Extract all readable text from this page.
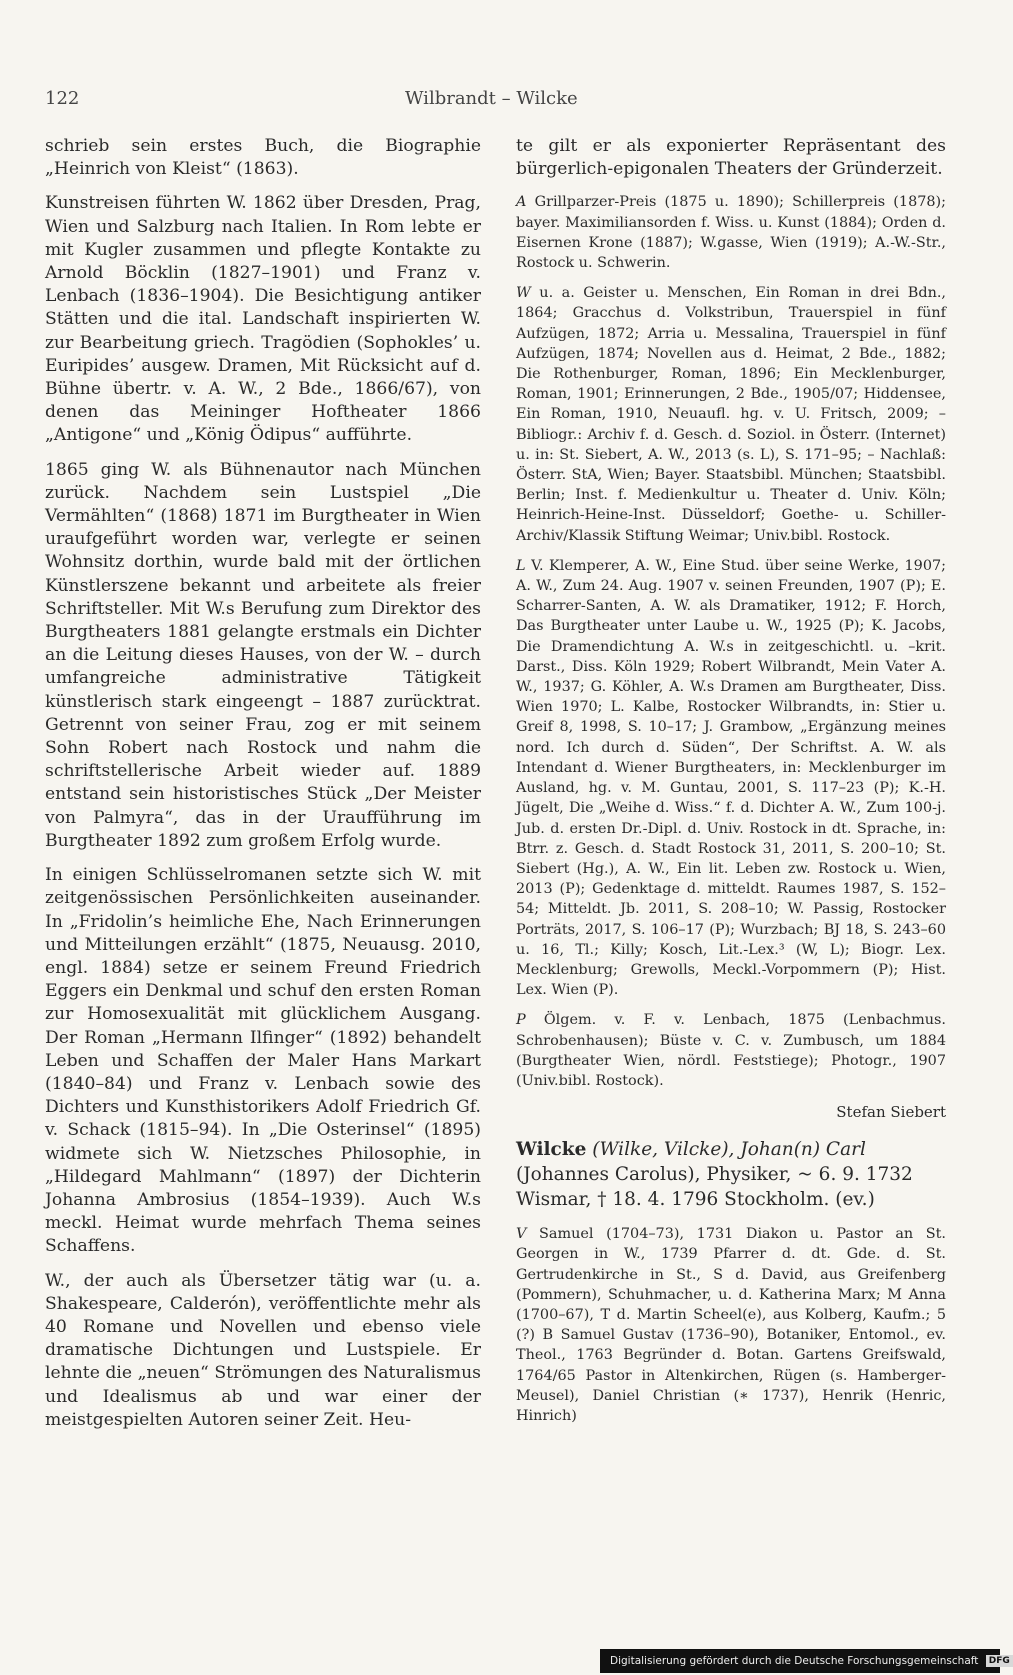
122	Wilbrandt – Wilcke

schrieb sein erstes Buch, die Biographie „Heinrich von Kleist“ (1863).

Kunstreisen führten W. 1862 über Dresden, Prag, Wien und Salzburg nach Italien. In Rom lebte er mit Kugler zusammen und pflegte Kontakte zu Arnold Böcklin (1827–1901) und Franz v. Lenbach (1836–1904). Die Besichtigung antiker Stätten und die ital. Landschaft inspirierten W. zur Bearbeitung griech. Tragödien (Sophokles’ u. Euripides’ ausgew. Dramen, Mit Rücksicht auf d. Bühne übertr. v. A. W., 2 Bde., 1866/67), von denen das Meininger Hoftheater 1866 „Antigone“ und „König Ödipus“ aufführte.

1865 ging W. als Bühnenautor nach München zurück. Nachdem sein Lustspiel „Die Vermählten“ (1868) 1871 im Burgtheater in Wien uraufgeführt worden war, verlegte er seinen Wohnsitz dorthin, wurde bald mit der örtlichen Künstlerszene bekannt und arbeitete als freier Schriftsteller. Mit W.s Berufung zum Direktor des Burgtheaters 1881 gelangte erstmals ein Dichter an die Leitung dieses Hauses, von der W. – durch umfangreiche administrative Tätigkeit künstlerisch stark eingeengt – 1887 zurücktrat. Getrennt von seiner Frau, zog er mit seinem Sohn Robert nach Rostock und nahm die schriftstellerische Arbeit wieder auf. 1889 entstand sein historistisches Stück „Der Meister von Palmyra“, das in der Uraufführung im Burgtheater 1892 zum großem Erfolg wurde.

In einigen Schlüsselromanen setzte sich W. mit zeitgenössischen Persönlichkeiten auseinander. In „Fridolin’s heimliche Ehe, Nach Erinnerungen und Mitteilungen erzählt“ (1875, Neuausg. 2010, engl. 1884) setze er seinem Freund Friedrich Eggers ein Denkmal und schuf den ersten Roman zur Homosexualität mit glücklichem Ausgang. Der Roman „Hermann Ilfinger“ (1892) behandelt Leben und Schaffen der Maler Hans Markart (1840–84) und Franz v. Lenbach sowie des Dichters und Kunsthistorikers Adolf Friedrich Gf. v. Schack (1815–94). In „Die Osterinsel“ (1895) widmete sich W. Nietzsches Philosophie, in „Hildegard Mahlmann“ (1897) der Dichterin Johanna Ambrosius (1854–1939). Auch W.s meckl. Heimat wurde mehrfach Thema seines Schaffens.

W., der auch als Übersetzer tätig war (u. a. Shakespeare, Calderón), veröffentlichte mehr als 40 Romane und Novellen und ebenso viele dramatische Dichtungen und Lustspiele. Er lehnte die „neuen“ Strömungen des Naturalismus und Idealismus ab und war einer der meistgespielten Autoren seiner Zeit. Heu-

te gilt er als exponierter Repräsentant des bürgerlich-epigonalen Theaters der Gründerzeit.

A Grillparzer-Preis (1875 u. 1890); Schillerpreis (1878); bayer. Maximiliansorden f. Wiss. u. Kunst (1884); Orden d. Eisernen Krone (1887); W.gasse, Wien (1919); A.-W.-Str., Rostock u. Schwerin.

W u. a. Geister u. Menschen, Ein Roman in drei Bdn., 1864; Gracchus d. Volkstribun, Trauerspiel in fünf Aufzügen, 1872; Arria u. Messalina, Trauerspiel in fünf Aufzügen, 1874; Novellen aus d. Heimat, 2 Bde., 1882; Die Rothenburger, Roman, 1896; Ein Mecklenburger, Roman, 1901; Erinnerungen, 2 Bde., 1905/07; Hiddensee, Ein Roman, 1910, Neuaufl. hg. v. U. Fritsch, 2009; – Bibliogr.: Archiv f. d. Gesch. d. Soziol. in Österr. (Internet) u. in: St. Siebert, A. W., 2013 (s. L), S. 171–95; – Nachlaß: Österr. StA, Wien; Bayer. Staatsbibl. München; Staatsbibl. Berlin; Inst. f. Medienkultur u. Theater d. Univ. Köln; Heinrich-Heine-Inst. Düsseldorf; Goethe- u. Schiller-Archiv/Klassik Stiftung Weimar; Univ.bibl. Rostock.

L V. Klemperer, A. W., Eine Stud. über seine Werke, 1907; A. W., Zum 24. Aug. 1907 v. seinen Freunden, 1907 (P); E. Scharrer-Santen, A. W. als Dramatiker, 1912; F. Horch, Das Burgtheater unter Laube u. W., 1925 (P); K. Jacobs, Die Dramendichtung A. W.s in zeitgeschichtl. u. –krit. Darst., Diss. Köln 1929; Robert Wilbrandt, Mein Vater A. W., 1937; G. Köhler, A. W.s Dramen am Burgtheater, Diss. Wien 1970; L. Kalbe, Rostocker Wilbrandts, in: Stier u. Greif 8, 1998, S. 10–17; J. Grambow, „Ergänzung meines nord. Ich durch d. Süden“, Der Schriftst. A. W. als Intendant d. Wiener Burgtheaters, in: Mecklenburger im Ausland, hg. v. M. Guntau, 2001, S. 117–23 (P); K.-H. Jügelt, Die „Weihe d. Wiss.“ f. d. Dichter A. W., Zum 100-j. Jub. d. ersten Dr.-Dipl. d. Univ. Rostock in dt. Sprache, in: Btrr. z. Gesch. d. Stadt Rostock 31, 2011, S. 200–10; St. Siebert (Hg.), A. W., Ein lit. Leben zw. Rostock u. Wien, 2013 (P); Gedenktage d. mitteldt. Raumes 1987, S. 152–54; Mitteldt. Jb. 2011, S. 208–10; W. Passig, Rostocker Porträts, 2017, S. 106–17 (P); Wurzbach; BJ 18, S. 243–60 u. 16, Tl.; Killy; Kosch, Lit.-Lex.³ (W, L); Biogr. Lex. Mecklenburg; Grewolls, Meckl.-Vorpommern (P); Hist. Lex. Wien (P).

P Ölgem. v. F. v. Lenbach, 1875 (Lenbachmus. Schrobenhausen); Büste v. C. v. Zumbusch, um 1884 (Burgtheater Wien, nördl. Feststiege); Photogr., 1907 (Univ.bibl. Rostock).

Stefan Siebert

Wilcke (Wilke, Vilcke), Johan(n) Carl (Johannes Carolus), Physiker, ~ 6. 9. 1732 Wismar, † 18. 4. 1796 Stockholm. (ev.)

V Samuel (1704–73), 1731 Diakon u. Pastor an St. Georgen in W., 1739 Pfarrer d. dt. Gde. d. St. Gertrudenkirche in St., S d. David, aus Greifenberg (Pommern), Schuhmacher, u. d. Katherina Marx; M Anna (1700–67), T d. Martin Scheel(e), aus Kolberg, Kaufm.; 5 (?) B Samuel Gustav (1736–90), Botaniker, Entomol., ev. Theol., 1763 Begründer d. Botan. Gartens Greifswald, 1764/65 Pastor in Altenkirchen, Rügen (s. Hamberger-Meusel), Daniel Christian (∗ 1737), Henrik (Henric, Hinrich)

Digitalisierung gefördert durch die Deutsche Forschungsgemeinschaft DFG
